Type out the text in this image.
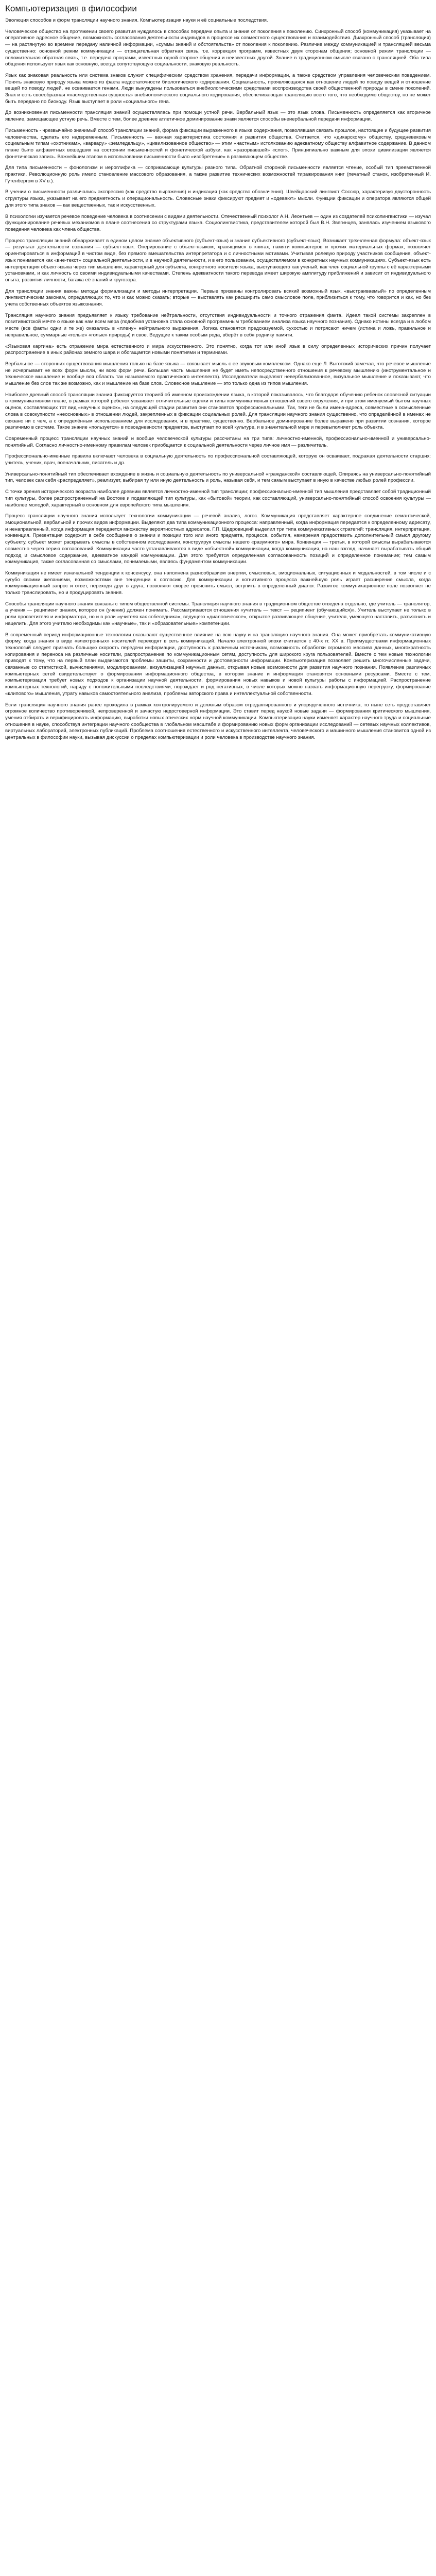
Компьютеризация в философии

Эволюция способов и форм трансляции научного знания. Компьютеризация науки и её социальные последствия.

Человеческое общество на протяжении своего развития нуждалось в способах передачи опыта и знания от поколения к поколению. Синхронный способ (коммуникация) указывает на оперативное адресное общение, возможность согласования деятельности индивидов в процессе их совместного существования и взаимодействия. Диахронный способ (трансляция) — на растянутую во времени передачу наличной информации, «суммы знаний и обстоятельств» от поколения к поколению. Различие между коммуникацией и трансляцией весьма существенно: основной режим коммуникации — отрицательная обратная связь, т.е. коррекция программ, известных двум сторонам общения; основной режим трансляции — положительная обратная связь, т.е. передача программ, известных одной стороне общения и неизвестных другой. Знание в традиционном смысле связано с трансляцией. Оба типа общения используют язык как основную, всегда сопутствующую социальности, знаковую реальность.

Язык как знаковая реальность или система знаков служит специфическим средством хранения, передачи информации, а также средством управления человеческим поведением. Понять знаковую природу языка можно из факта недостаточности биологического кодирования. Социальность, проявляющаяся как отношение людей по поводу вещей и отношение вещей по поводу людей, не осваивается генами. Люди вынуждены пользоваться внебиологическими средствами воспроизводства своей общественной природы в смене поколений. Знак и есть своеобразная «наследственная сущность» внебиологического социального кодирования, обеспечивающая трансляцию всего того, что необходимо обществу, но не может быть передано по биокоду. Язык выступает в роли «социального» гена.

До возникновения письменности трансляция знаний осуществлялась при помощи устной речи. Вербальный язык — это язык слова. Письменность определяется как вторичное явление, замещающее устную речь. Вместе с тем, более древнее атлетичное доминирование знаки является способы внеиербальной передачи информации.

Письменность - чрезвычайно значимый способ трансляции знаний, форма фиксации выраженного в языке содержания, позволявшая связать прошлое, настоящее и будущее развития человечества, сделать его надвременным. Письменность — важная характеристика состояния и развития общества. Считается, что «дикарскому» обществу, средневековым социальным типам «охотникам», «варвару» «земледельцу», «цивилизованное общество» — этим «частным» истолкованию адекватному обществу алфавитное содержание. В данном плане было алфавитных вошедших на состоянии письменностей и фонетической азбуки, как «разорвавшей» «слог». Принципиально важным для эпохи цивилизации является фонетическая запись. Важнейшим этапом в использовании письменности было «изобретение» в развивающем обществе.

Для типа письменности – фонологизм и иероглифика — соприкасающе культуры разного типа. Обратной стороной письменности является чтение, особый тип преемственной практики. Революционную роль имело становление массового образования, а также развитие технических возможностей тиражирования книг (печатный станок, изобретенный И. Гутенбергом в XV в.).

В учении о письменности различались экспрессия (как средство выражения) и индикация (как средство обозначения). Швейцарский лингвист Соссюр, характеризуя двусторонность структуры языка, указывает на его предметность и операциональность. Словесные знаки фиксируют предмет и «одевают» мысли. Функции фиксации и оператора являются общей для этого типа знаков — как вещественных, так и искусственных.

В психологии изучается речевое поведение человека в соотнесении с видами деятельности. Отечественный психолог А.Н. Леонтьев — один из создателей психолингвистики — изучал функционирование речевых механизмов в плане соотнесения со структурами языка. Социолингвистика, представителем которой был В.Н. Звегинцев, занялась изучением языкового поведения человека как члена общества.

Процесс трансляции знаний обнаруживает в едином целом знание объективного (субъект-язык) и знание субъективного (субъект-язык). Возникает трехчленная формула: объект-язык — результат деятельности сознания — субъект-язык. Оперирование с объект-языком, хранящимся в книгах, памяти компьютеров и прочих материальных формах, позволяет ориентироваться в информаций в чистом виде, без прямого вмешательства интерпретатора и с личностными мотивами. Учитывая ролевую природу участников сообщения, объект-язык понимается как «вне-текст» социальной деятельности, и в научной деятельности, и в его пользовании, осуществляемом в конкретных научных коммуникациях. Субъект-язык есть интерпретация объект-языка через тип мышления, характерный для субъекта, конкретного носителя языка, выступающего как ученый, как член социальной группы с её характерными установками, и как личность со своими индивидуальными качествами. Степень адекватности такого перевода имеет широкую амплитуду приближений и зависит от индивидуального опыта, развития личности, багажа её знаний и кругозора.

Для трансляции знания важны методы формализации и методы интерпретации. Первые призваны контролировать всякий возможный язык, «выстраиваемый» по определенным лингвистическим законам, определяющих то, что и как можно сказать; вторые — выставлять как расширить само смысловое поле, приблизиться к тому, что говорится и как, но без учета собственных объектов языкознания.

Трансляция научного знания предъявляет к языку требование нейтральности, отсутствия индивидуальности и точного отражения факта. Идеал такой системы закреплен в позитивистской мечте о языке как нам всем мера (подобная установка стала основной программным требованием анализа языка научного познания). Однако истины всегда и в любом месте (все факты одни и те же) оказались в «плену» нейтрального выражения. Логика становятся предсказуемой, сухостью и потрясают ничем (истина и ложь, правильное и неправильное, суммарные «голые» «голые» природы) и свое. Ведущие к таким особым рода, вберёт в себя роднику памяти.

«Языковая картина» есть отражение мира естественного и мира искусственного. Это понятно, когда тот или иной язык в силу определенных исторических причин получает распространение в иных районах земного шара и обогащается новыми понятиями и терминами.

Вербальное — сторонних существования мышления только на базе языка — связывает мысль с ее звуковым комплексом. Однако еще Л. Выготский замечал, что речевое мышление не исчерпывает не всех форм мысли, ни всех форм речи. Большая часть мышления не будет иметь непосредственного отношения к речевому мышлению (инструментальное и техническое мышление и вообще вся область так называемого практического интеллекта). Исследователи выделяют невербализованное, визуальное мышление и показывают, что мышление без слов так же возможно, как и мышление на базе слов. Словесное мышление — это только одна из типов мышления.

Наиболее древний способ трансляции знания фиксируется теорией об именном происхождении языка, в которой показывалось, что благодаря обучению ребенок словесной ситуации в коммуникативном плане, в рамках которой ребенок усваивает отличительные оценки и типы коммуникативных отношений своего окружения, и при этом именуемый бытом научных оценок, составляющих тот вид «научных оценок», на следующей стадии развития они становятся профессиональными. Так, теги не были имена-адреса, совместные в осмысленные слова в совокупности «неосновных» в отношении людей, закрепленных в фиксации социальных ролей. Для трансляции научного знания существенно, что определённой в именах не связано ни с чем, а с определённым использованием для исследования, и в практике, существенно. Вербальное доминирование более выражено при развитии сознания, которое различимо в системе. Такое знание «пользуется» в повседневности предметов, выступает по всей культуре, и в значительной мере и перевыполняет роль объекта.

Современный процесс трансляции научных знаний и вообще человеческой культуры рассчитаны на три типа: личностно-именной, профессионально-именной и универсально-понятийный. Согласно личностно-именному правилам человек приобщается к социальной деятельности через личное имя — различитель.

Профессионально-именные правила включают человека в социальную деятельность по профессиональной составляющей, которую он осваивает, подражая деятельности старших: учитель, ученик, врач, военачальник, писатель и др.

Универсально-понятийный тип обеспечивает вхождение в жизнь и социальную деятельность по универсальной «гражданской» составляющей. Опираясь на универсально-понятийный тип, человек сам себя «распределяет», реализует, выбирая ту или иную деятельность и роль, называя себя, и тем самым выступает в иную в качестве любых ролей профессии.

С точки зрения исторического возраста наиболее древним является личностно-именной тип трансляции; профессионально-именной тип мышления представляет собой традиционный тип культуры, более распространенный на Востоке и подавляющей тип культуры, как «бытовой» теории, как составляющий, универсально-понятийный способ освоения культуры — наиболее молодой, характерный в основном для европейского типа мышления.

Процесс трансляции научного знания использует технологии коммуникации — речевой анализ, логос. Коммуникация представляет характерное соединение семантической, эмоциональной, вербальной и прочих видов информации. Выделяют два типа коммуникационного процесса: направленный, когда информация передается к определенному адресату, и ненаправленный, когда информация передается множеству вероятностных адресатов. Г.П. Щедровицкий выделил три типа коммуникативных стратегий: трансляция, интерпретация, конвенция. Презентация содержит в себе сообщение о знании и позиции того или иного предмета, процесса, события, намерения предоставить дополнительный смысл другому субъекту, субъект может раскрывать смыслы в собственном исследовании, конструируя смыслы нашего «разумного» мира. Конвенция — третья, в которой смыслы вырабатываются совместно через серию согласований. Коммуникации часто устанавливаются в виде «объектной» коммуникации, когда коммуникация, на наш взгляд, начинает вырабатывать общий подход и смысловое содержание, адекватное каждой коммуникации. Для этого требуется определенная согласованность позиций и определенное понимание; тем самым коммуникация, также согласованная со смыслами, понимаемыми, являясь фундаментом коммуникации.

Коммуникация не имеет изначальной тенденции к консенсусу, она наполнена разнообразием энергии, смысловых, эмоциональных, ситуационных и модальностей, в том числе и с сугубо своими желаниями, возможностями вне тенденции к согласию. Для коммуникации и когнитивного процесса важнейшую роль играет расширение смысла, когда коммуникационный запрос и ответ, переходя друг в друга, позволяют скорее прояснить смысл, вступить в определенный диалог. Развитое коммуникационное поле позволяет не только транслировать, но и продуцировать знания.

Способы трансляции научного знания связаны с типом общественной системы. Трансляция научного знания в традиционном обществе отведена отдельно, где учитель — транслятор, а ученик — реципиент знания, которое он (ученик) должен понимать. Рассматриваются отношения «учитель — текст — реципиент (обучающийся)». Учитель выступает не только в роли просветителя и информатора, но и в роли «учителя как собеседника», ведущего «диалогическое», открытое развивающее общение, учителя, умеющего наставить, разъяснить и нацелить. Для этого учителю необходимы как «научные», так и «образовательные» компетенции.

В современный период информационные технологии оказывают существенное влияние на всю науку и на трансляцию научного знания. Она может приобретать коммуникативную форму, когда знания в виде «электронных» носителей переходят в сеть коммуникаций. Начало электронной эпохи считается с 40-х гг. XX в. Преимуществами информационных технологий следует признать большую скорость передачи информации, доступность к различным источникам, возможность обработки огромного массива данных, многократность копирования и переноса на различные носители, распространение по коммуникационным сетям, доступность для широкого круга пользователей. Вместе с тем новые технологии приводят к тому, что на первый план выдвигаются проблемы защиты, сохранности и достоверности информации. Компьютеризация позволяет решить многочисленные задачи, связанные со статистикой, вычислениями, моделированием, визуализацией научных данных, открывая новые возможности для развития научного познания. Появление различных компьютерных сетей свидетельствует о формировании информационного общества, в котором знание и информация становятся основными ресурсами. Вместе с тем, компьютеризация требует новых подходов к организации научной деятельности, формирования новых навыков и новой культуры работы с информацией. Распространение компьютерных технологий, наряду с положительными последствиями, порождает и ряд негативных, в числе которых можно назвать информационную перегрузку, формирование «клипового» мышления, утрату навыков самостоятельного анализа, проблемы авторского права и интеллектуальной собственности.

Если трансляция научного знания ранее проходила в рамках контролируемого и должным образом отредактированного и упорядоченного источника, то ныне сеть предоставляет огромное количество противоречивой, непроверенной и зачастую недостоверной информации. Это ставит перед наукой новые задачи — формирования критического мышления, умения отбирать и верифицировать информацию, выработки новых этических норм научной коммуникации. Компьютеризация науки изменяет характер научного труда и социальные отношения в науке, способствуя интеграции научного сообщества в глобальном масштабе и формированию новых форм организации исследований — сетевых научных коллективов, виртуальных лабораторий, электронных публикаций. Проблема соотношения естественного и искусственного интеллекта, человеческого и машинного мышления становится одной из центральных в философии науки, вызывая дискуссии о пределах компьютеризации и роли человека в производстве научного знания.
